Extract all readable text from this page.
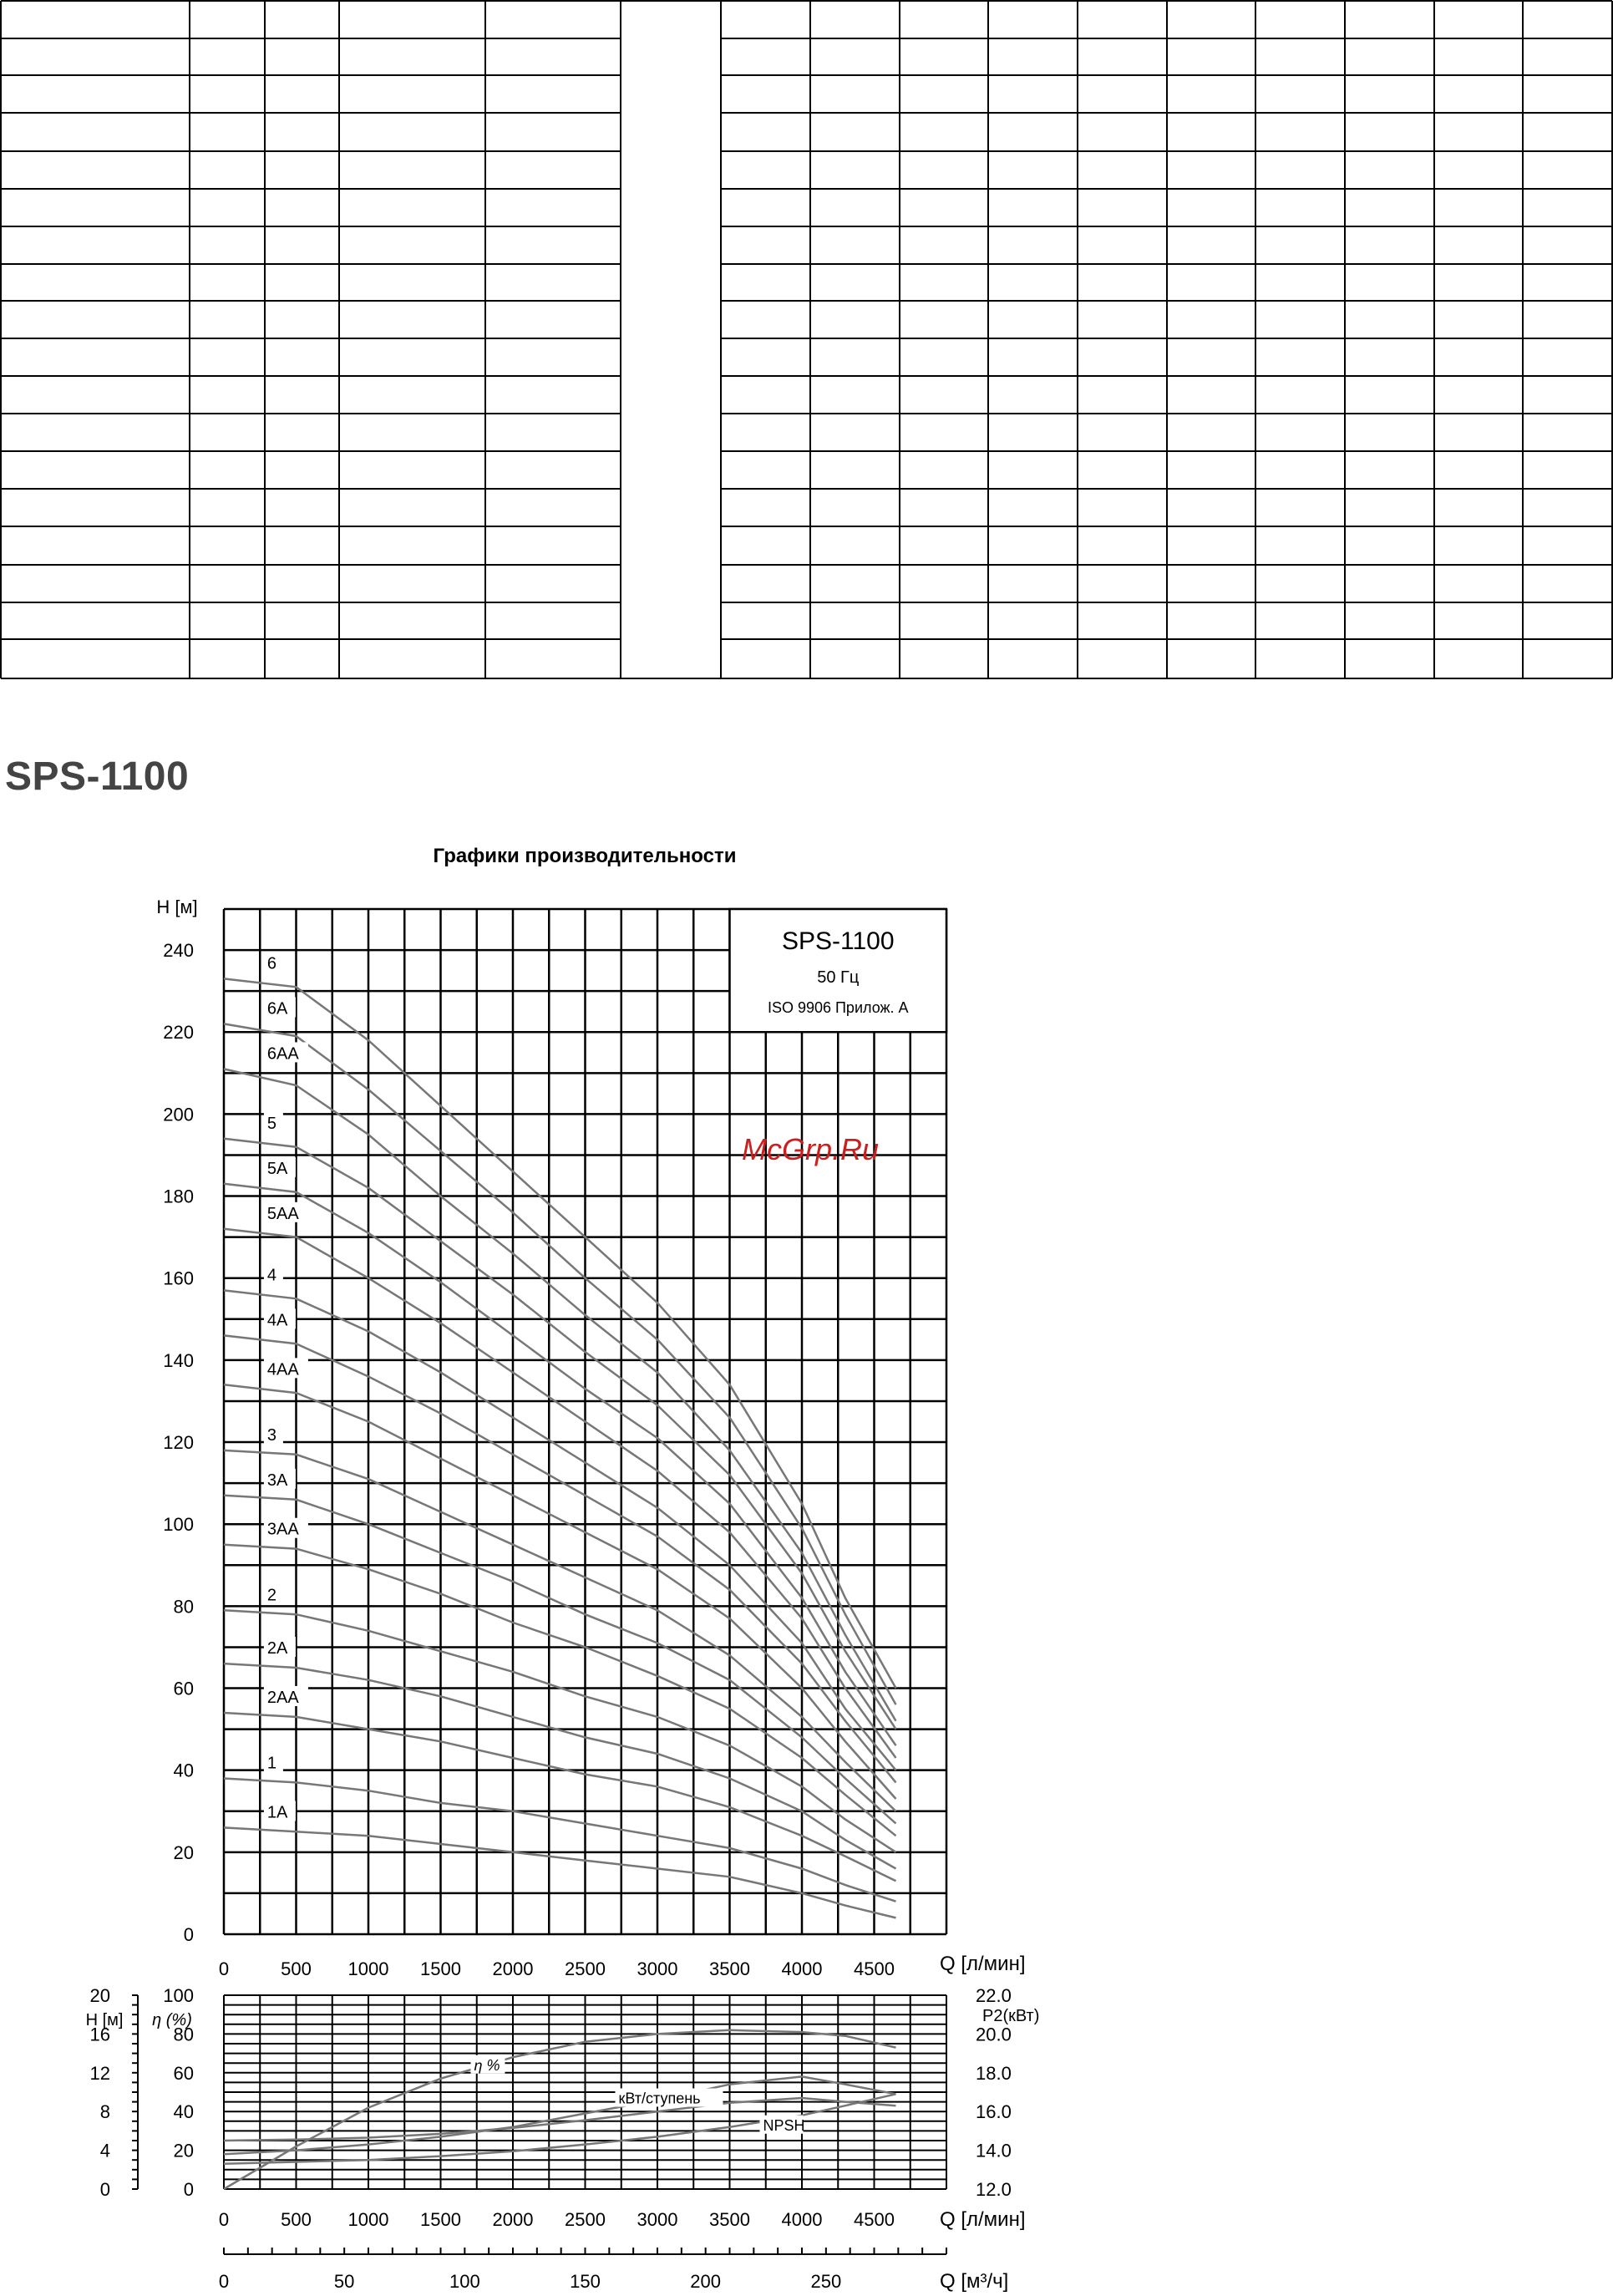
SPS-1100
Графики производительности
SPS-1100
50 Гц
ISO 9906 Прилож. А
H [м]
Q [л/мин]
0
20
40
60
80
100
120
140
160
180
200
220
240
0	500 1000 1500 2000 2500 3000 3500 4000 4500
6
6A
6AA
5
5A
5AA
4
4A
4AA
3
3A
3AA
2
2A
2AA
1
1A
0
4
8
12
16
20
H [м]
0
20
40
60
80
100
η (%)
12.0
14.0
16.0
18.0
20.0
22.0
P2(кВт)
0	500 1000 1500 2000 2500 3000 3500 4000 4500 Q [л/мин]
0	50	100	150	200	250	Q [м³/ч]
η %
кВт/ступень
NPSH
McGrp.Ru
